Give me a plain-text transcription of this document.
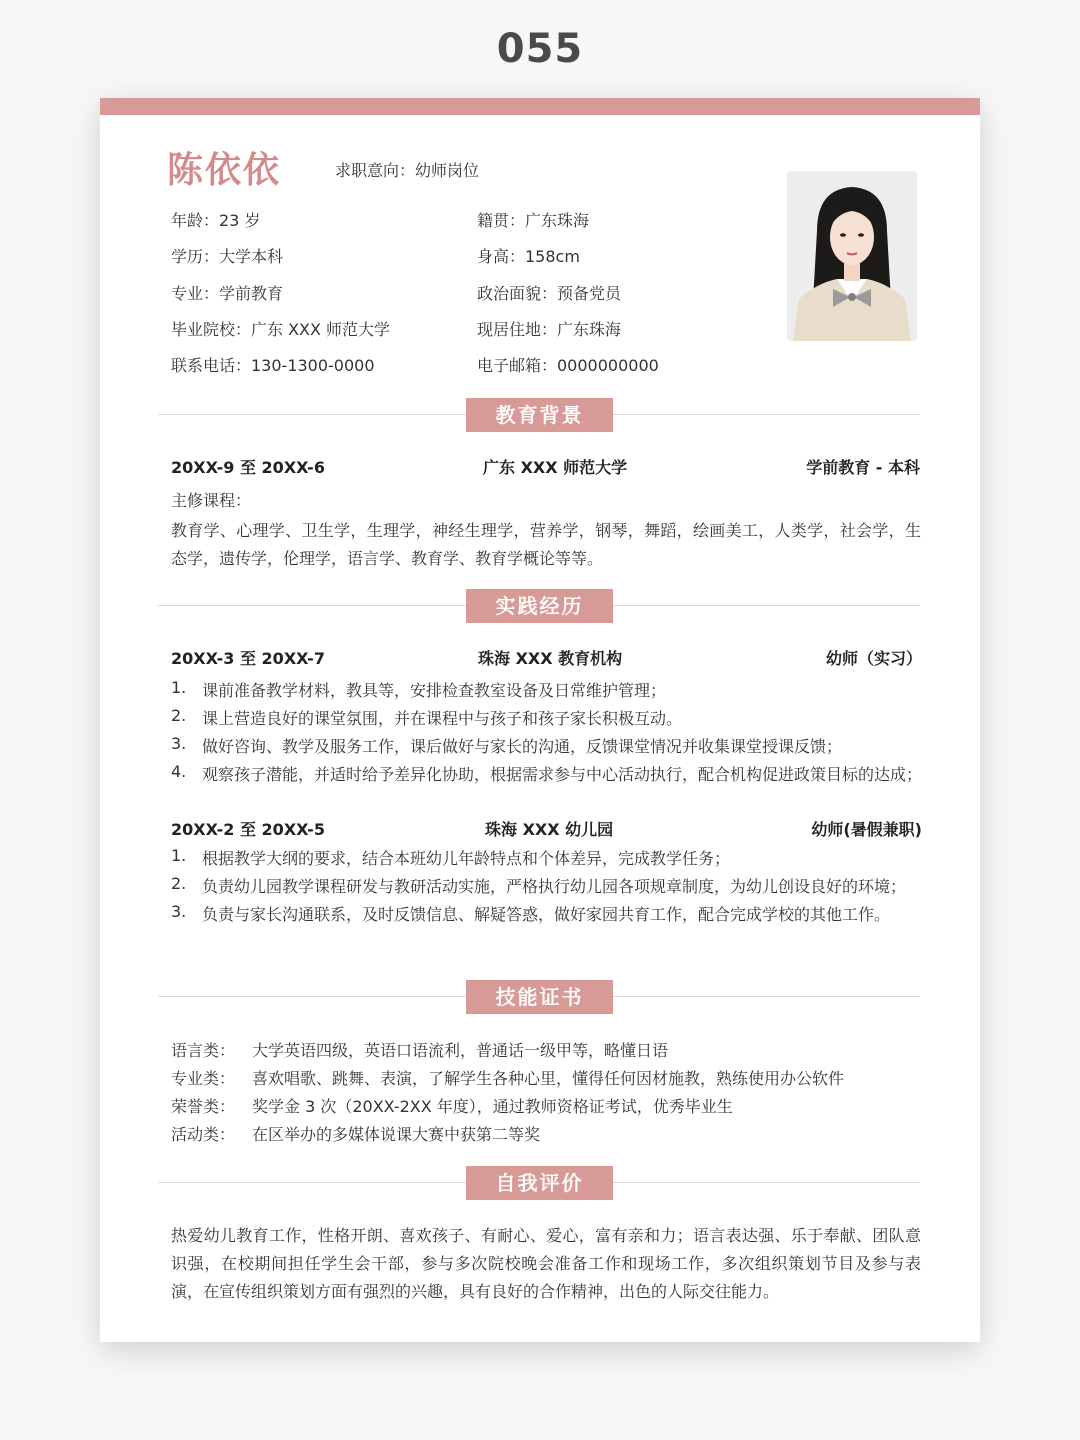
055
陈依依	求职意向：幼师岗位
年龄：23 岁	籍贯：广东珠海
学历：大学本科	身高：158cm
专业：学前教育	政治面貌：预备党员
毕业院校：广东 XXX 师范大学	现居住地：广东珠海
联系电话：130-1300-0000	电子邮箱：0000000000
教育背景
20XX-9 至 20XX-6	广东 XXX 师范大学	学前教育 - 本科
主修课程：
教育学、心理学、卫生学，生理学，神经生理学，营养学，钢琴，舞蹈，绘画美工，人类学，社会学，生态学，遗传学，伦理学，语言学、教育学、教育学概论等等。
实践经历
20XX-3 至 20XX-7	珠海 XXX 教育机构	幼师（实习）
1. 课前准备教学材料，教具等，安排检查教室设备及日常维护管理；
2. 课上营造良好的课堂氛围，并在课程中与孩子和孩子家长积极互动。
3. 做好咨询、教学及服务工作，课后做好与家长的沟通，反馈课堂情况并收集课堂授课反馈；
4. 观察孩子潜能，并适时给予差异化协助，根据需求参与中心活动执行，配合机构促进政策目标的达成；
20XX-2 至 20XX-5	珠海 XXX 幼儿园	幼师(暑假兼职)
1. 根据教学大纲的要求，结合本班幼儿年龄特点和个体差异，完成教学任务；
2. 负责幼儿园教学课程研发与教研活动实施，严格执行幼儿园各项规章制度，为幼儿创设良好的环境；
3. 负责与家长沟通联系，及时反馈信息、解疑答惑，做好家园共育工作，配合完成学校的其他工作。
技能证书
语言类： 大学英语四级，英语口语流利，普通话一级甲等，略懂日语
专业类： 喜欢唱歌、跳舞、表演，了解学生各种心里，懂得任何因材施教，熟练使用办公软件
荣誉类： 奖学金 3 次（20XX-2XX 年度），通过教师资格证考试，优秀毕业生
活动类： 在区举办的多媒体说课大赛中获第二等奖
自我评价
热爱幼儿教育工作，性格开朗、喜欢孩子、有耐心、爱心，富有亲和力；语言表达强、乐于奉献、团队意识强，在校期间担任学生会干部，参与多次院校晚会准备工作和现场工作，多次组织策划节目及参与表演，在宣传组织策划方面有强烈的兴趣，具有良好的合作精神，出色的人际交往能力。
